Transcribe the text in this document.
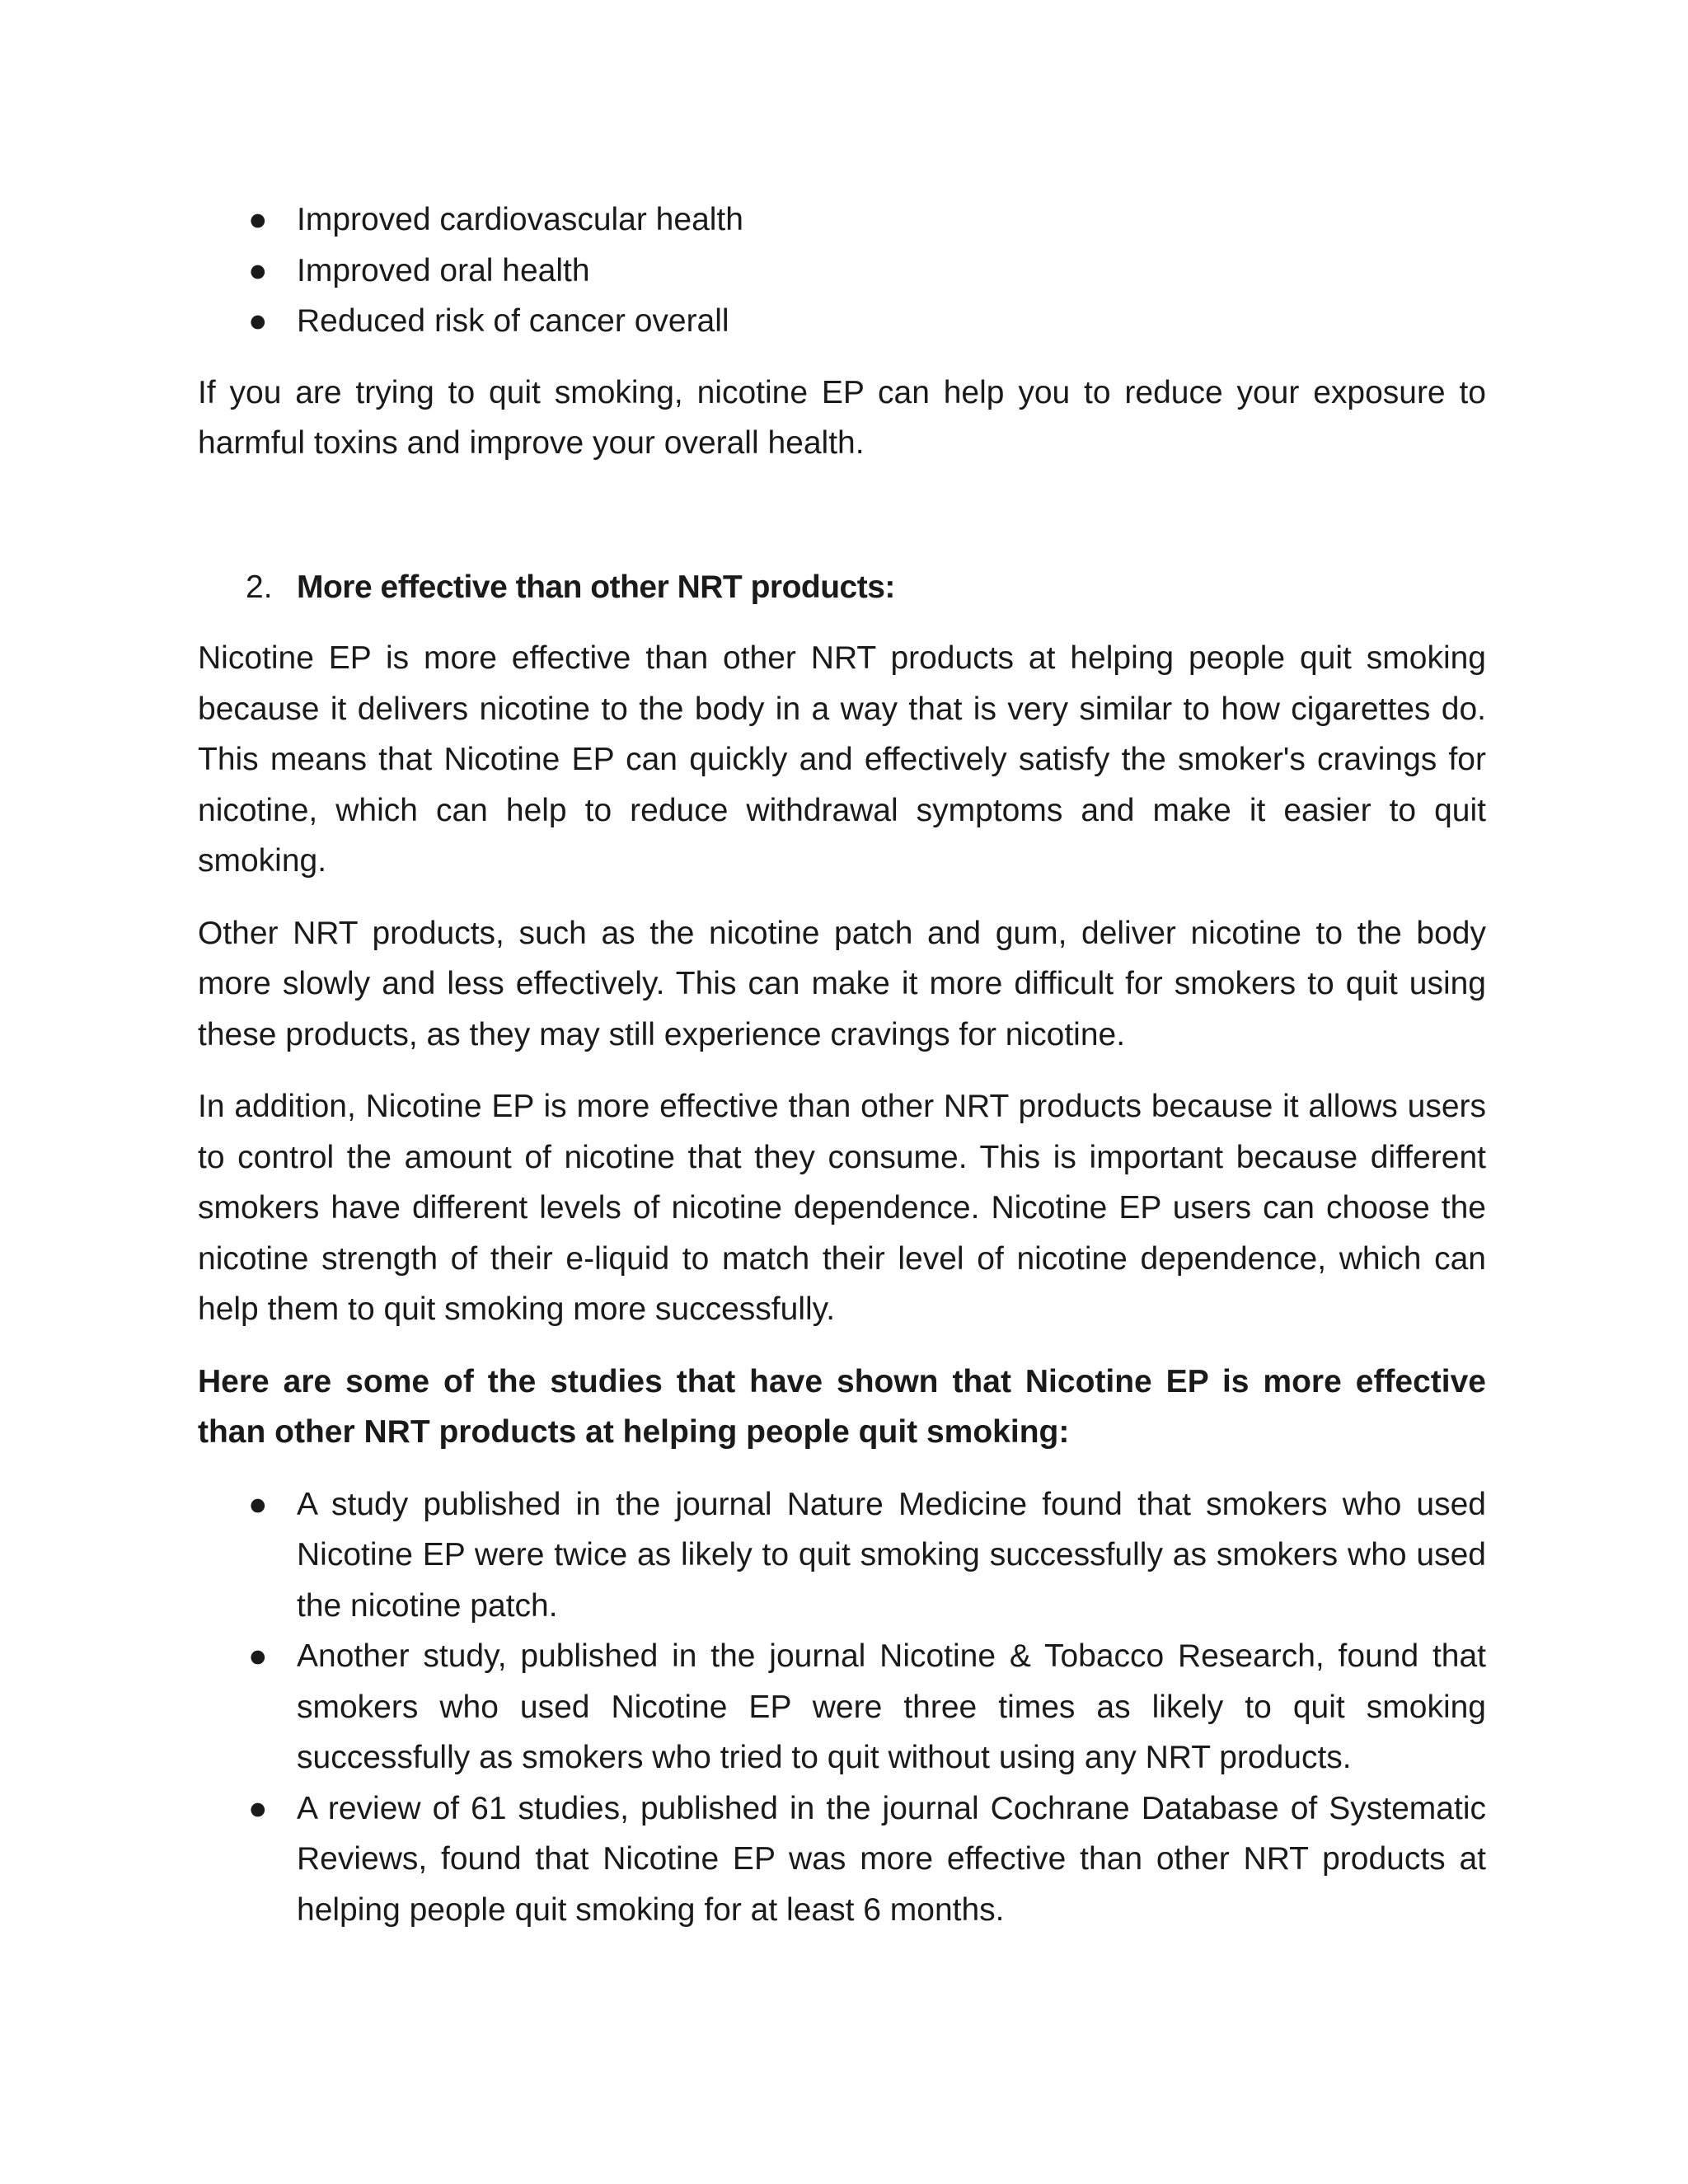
● Improved cardiovascular health
● Improved oral health
● Reduced risk of cancer overall

If you are trying to quit smoking, nicotine EP can help you to reduce your exposure to harmful toxins and improve your overall health.

2. More effective than other NRT products:

Nicotine EP is more effective than other NRT products at helping people quit smoking because it delivers nicotine to the body in a way that is very similar to how cigarettes do. This means that Nicotine EP can quickly and effectively satisfy the smoker's cravings for nicotine, which can help to reduce withdrawal symptoms and make it easier to quit smoking.

Other NRT products, such as the nicotine patch and gum, deliver nicotine to the body more slowly and less effectively. This can make it more difficult for smokers to quit using these products, as they may still experience cravings for nicotine.

In addition, Nicotine EP is more effective than other NRT products because it allows users to control the amount of nicotine that they consume. This is important because different smokers have different levels of nicotine dependence. Nicotine EP users can choose the nicotine strength of their e-liquid to match their level of nicotine dependence, which can help them to quit smoking more successfully.

Here are some of the studies that have shown that Nicotine EP is more effective than other NRT products at helping people quit smoking:

● A study published in the journal Nature Medicine found that smokers who used Nicotine EP were twice as likely to quit smoking successfully as smokers who used the nicotine patch.
● Another study, published in the journal Nicotine & Tobacco Research, found that smokers who used Nicotine EP were three times as likely to quit smoking successfully as smokers who tried to quit without using any NRT products.
● A review of 61 studies, published in the journal Cochrane Database of Systematic Reviews, found that Nicotine EP was more effective than other NRT products at helping people quit smoking for at least 6 months.
